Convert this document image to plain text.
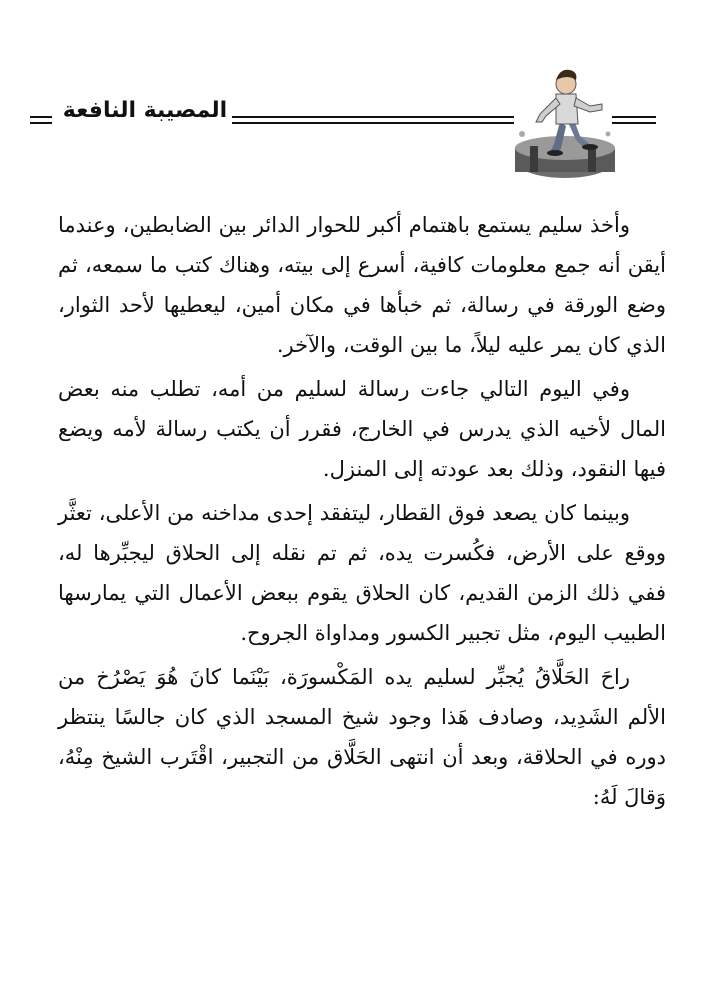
المصيبة النافعة

وأخذ سليم يستمع باهتمام أكبر للحوار الدائر بين الضابطين، وعندما أيقن أنه جمع معلومات كافية، أسرع إلى بيته، وهناك كتب ما سمعه، ثم وضع الورقة في رسالة، ثم خبأها في مكان أمين، ليعطيها لأحد الثوار، الذي كان يمر عليه ليلاً، ما بين الوقت، والآخر.

وفي اليوم التالي جاءت رسالة لسليم من أمه، تطلب منه بعض المال لأخيه الذي يدرس في الخارج، فقرر أن يكتب رسالة لأمه ويضع فيها النقود، وذلك بعد عودته إلى المنزل.

وبينما كان يصعد فوق القطار، ليتفقد إحدى مداخنه من الأعلى، تعثَّر ووقع على الأرض، فكُسرت يده، ثم تم نقله إلى الحلاق ليجبِّرها له، ففي ذلك الزمن القديم، كان الحلاق يقوم ببعض الأعمال التي يمارسها الطبيب اليوم، مثل تجبير الكسور ومداواة الجروح.

راحَ الحَلَّاقُ يُجبِّر لسليم يده المَكْسورَة، بَيْنَما كانَ هُوَ يَصْرُخ من الألم الشَدِيد، وصادف هَذا وجود شيخ المسجد الذي كان جالسًا ينتظر دوره في الحلاقة، وبعد أن انتهى الحَلَّاق من التجبير، اقْتَرب الشيخ مِنْهُ، وَقالَ لَهُ:
